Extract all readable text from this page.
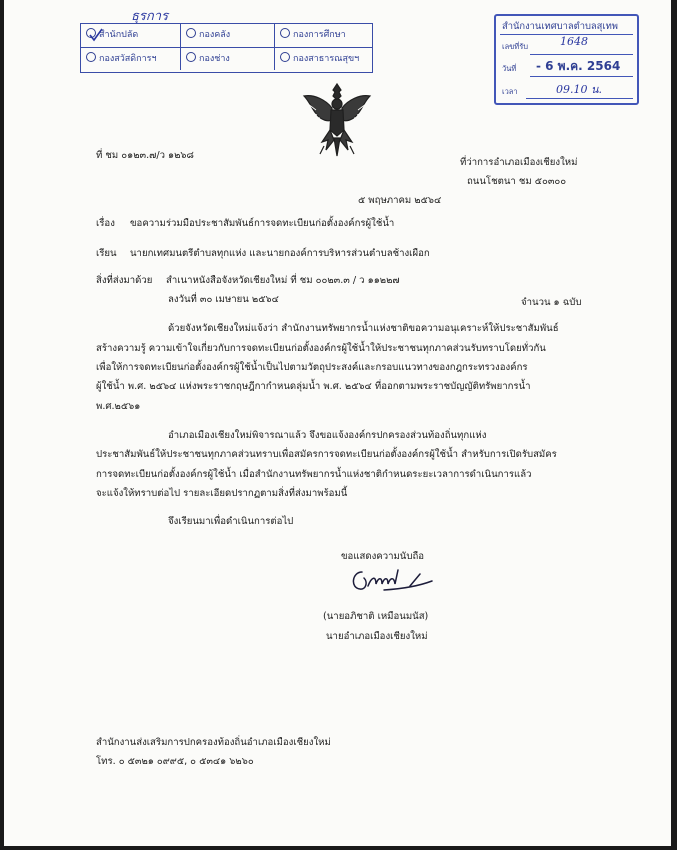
ธุรการ
สำนักปลัด	กองคลัง	กองการศึกษา
กองสวัสดิการฯ	กองช่าง	กองสาธารณสุขฯ
สำนักงานเทศบาลตำบลสุเทพ
เลขที่รับ	1648
วันที่ - 6 พ.ค. 2564
เวลา	09.10 น.
ที่ ชม ๐๑๒๓.๗/ว ๑๒๖๘
ที่ว่าการอำเภอเมืองเชียงใหม่
ถนนโชตนา ชม ๕๐๓๐๐
๕ พฤษภาคม ๒๕๖๔
เรื่อง ขอความร่วมมือประชาสัมพันธ์การจดทะเบียนก่อตั้งองค์กรผู้ใช้น้ำ
เรียน นายกเทศมนตรีตำบลทุกแห่ง และนายกองค์การบริหารส่วนตำบลช้างเผือก
สิ่งที่ส่งมาด้วย สำเนาหนังสือจังหวัดเชียงใหม่ ที่ ชม ๐๐๒๓.๓ / ว ๑๑๒๒๗
ลงวันที่ ๓๐ เมษายน ๒๕๖๔	จำนวน ๑ ฉบับ
ด้วยจังหวัดเชียงใหม่แจ้งว่า สำนักงานทรัพยากรน้ำแห่งชาติขอความอนุเคราะห์ให้ประชาสัมพันธ์
สร้างความรู้ ความเข้าใจเกี่ยวกับการจดทะเบียนก่อตั้งองค์กรผู้ใช้น้ำให้ประชาชนทุกภาคส่วนรับทราบโดยทั่วกัน
เพื่อให้การจดทะเบียนก่อตั้งองค์กรผู้ใช้น้ำเป็นไปตามวัตถุประสงค์และกรอบแนวทางของกฎกระทรวงองค์กร
ผู้ใช้น้ำ พ.ศ. ๒๕๖๔ แห่งพระราชกฤษฎีกากำหนดลุ่มน้ำ พ.ศ. ๒๕๖๔ ที่ออกตามพระราชบัญญัติทรัพยากรน้ำ
พ.ศ.๒๕๖๑
อำเภอเมืองเชียงใหม่พิจารณาแล้ว จึงขอแจ้งองค์กรปกครองส่วนท้องถิ่นทุกแห่ง
ประชาสัมพันธ์ให้ประชาชนทุกภาคส่วนทราบเพื่อสมัครการจดทะเบียนก่อตั้งองค์กรผู้ใช้น้ำ สำหรับการเปิดรับสมัคร
การจดทะเบียนก่อตั้งองค์กรผู้ใช้น้ำ เมื่อสำนักงานทรัพยากรน้ำแห่งชาติกำหนดระยะเวลาการดำเนินการแล้ว
จะแจ้งให้ทราบต่อไป รายละเอียดปรากฏตามสิ่งที่ส่งมาพร้อมนี้
จึงเรียนมาเพื่อดำเนินการต่อไป
ขอแสดงความนับถือ
(นายอภิชาติ เหมือนมนัส)
นายอำเภอเมืองเชียงใหม่
สำนักงานส่งเสริมการปกครองท้องถิ่นอำเภอเมืองเชียงใหม่
โทร. ๐ ๕๓๒๑ ๐๙๙๕, ๐ ๕๓๔๑ ๖๒๖๐
